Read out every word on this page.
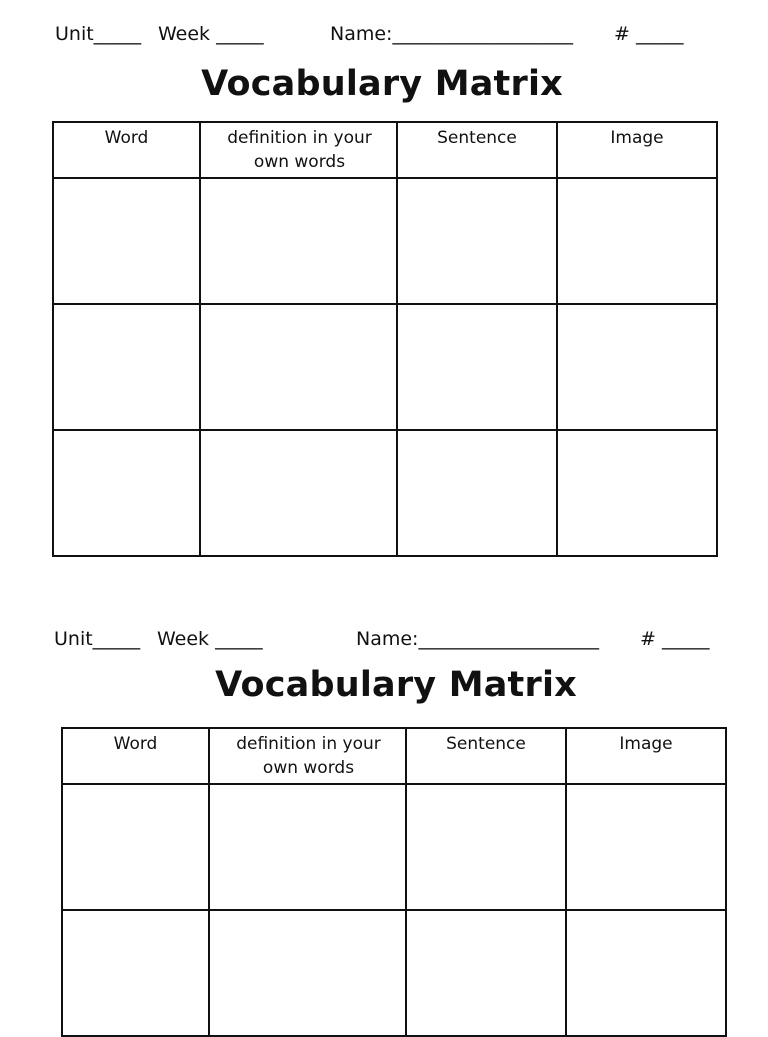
Unit_____ Week _____	Name:___________________ # _____
Vocabulary Matrix
Word	definition in your own words	Sentence	Image

Unit_____ Week _____	Name:___________________ # _____
Vocabulary Matrix
Word	definition in your own words	Sentence	Image
